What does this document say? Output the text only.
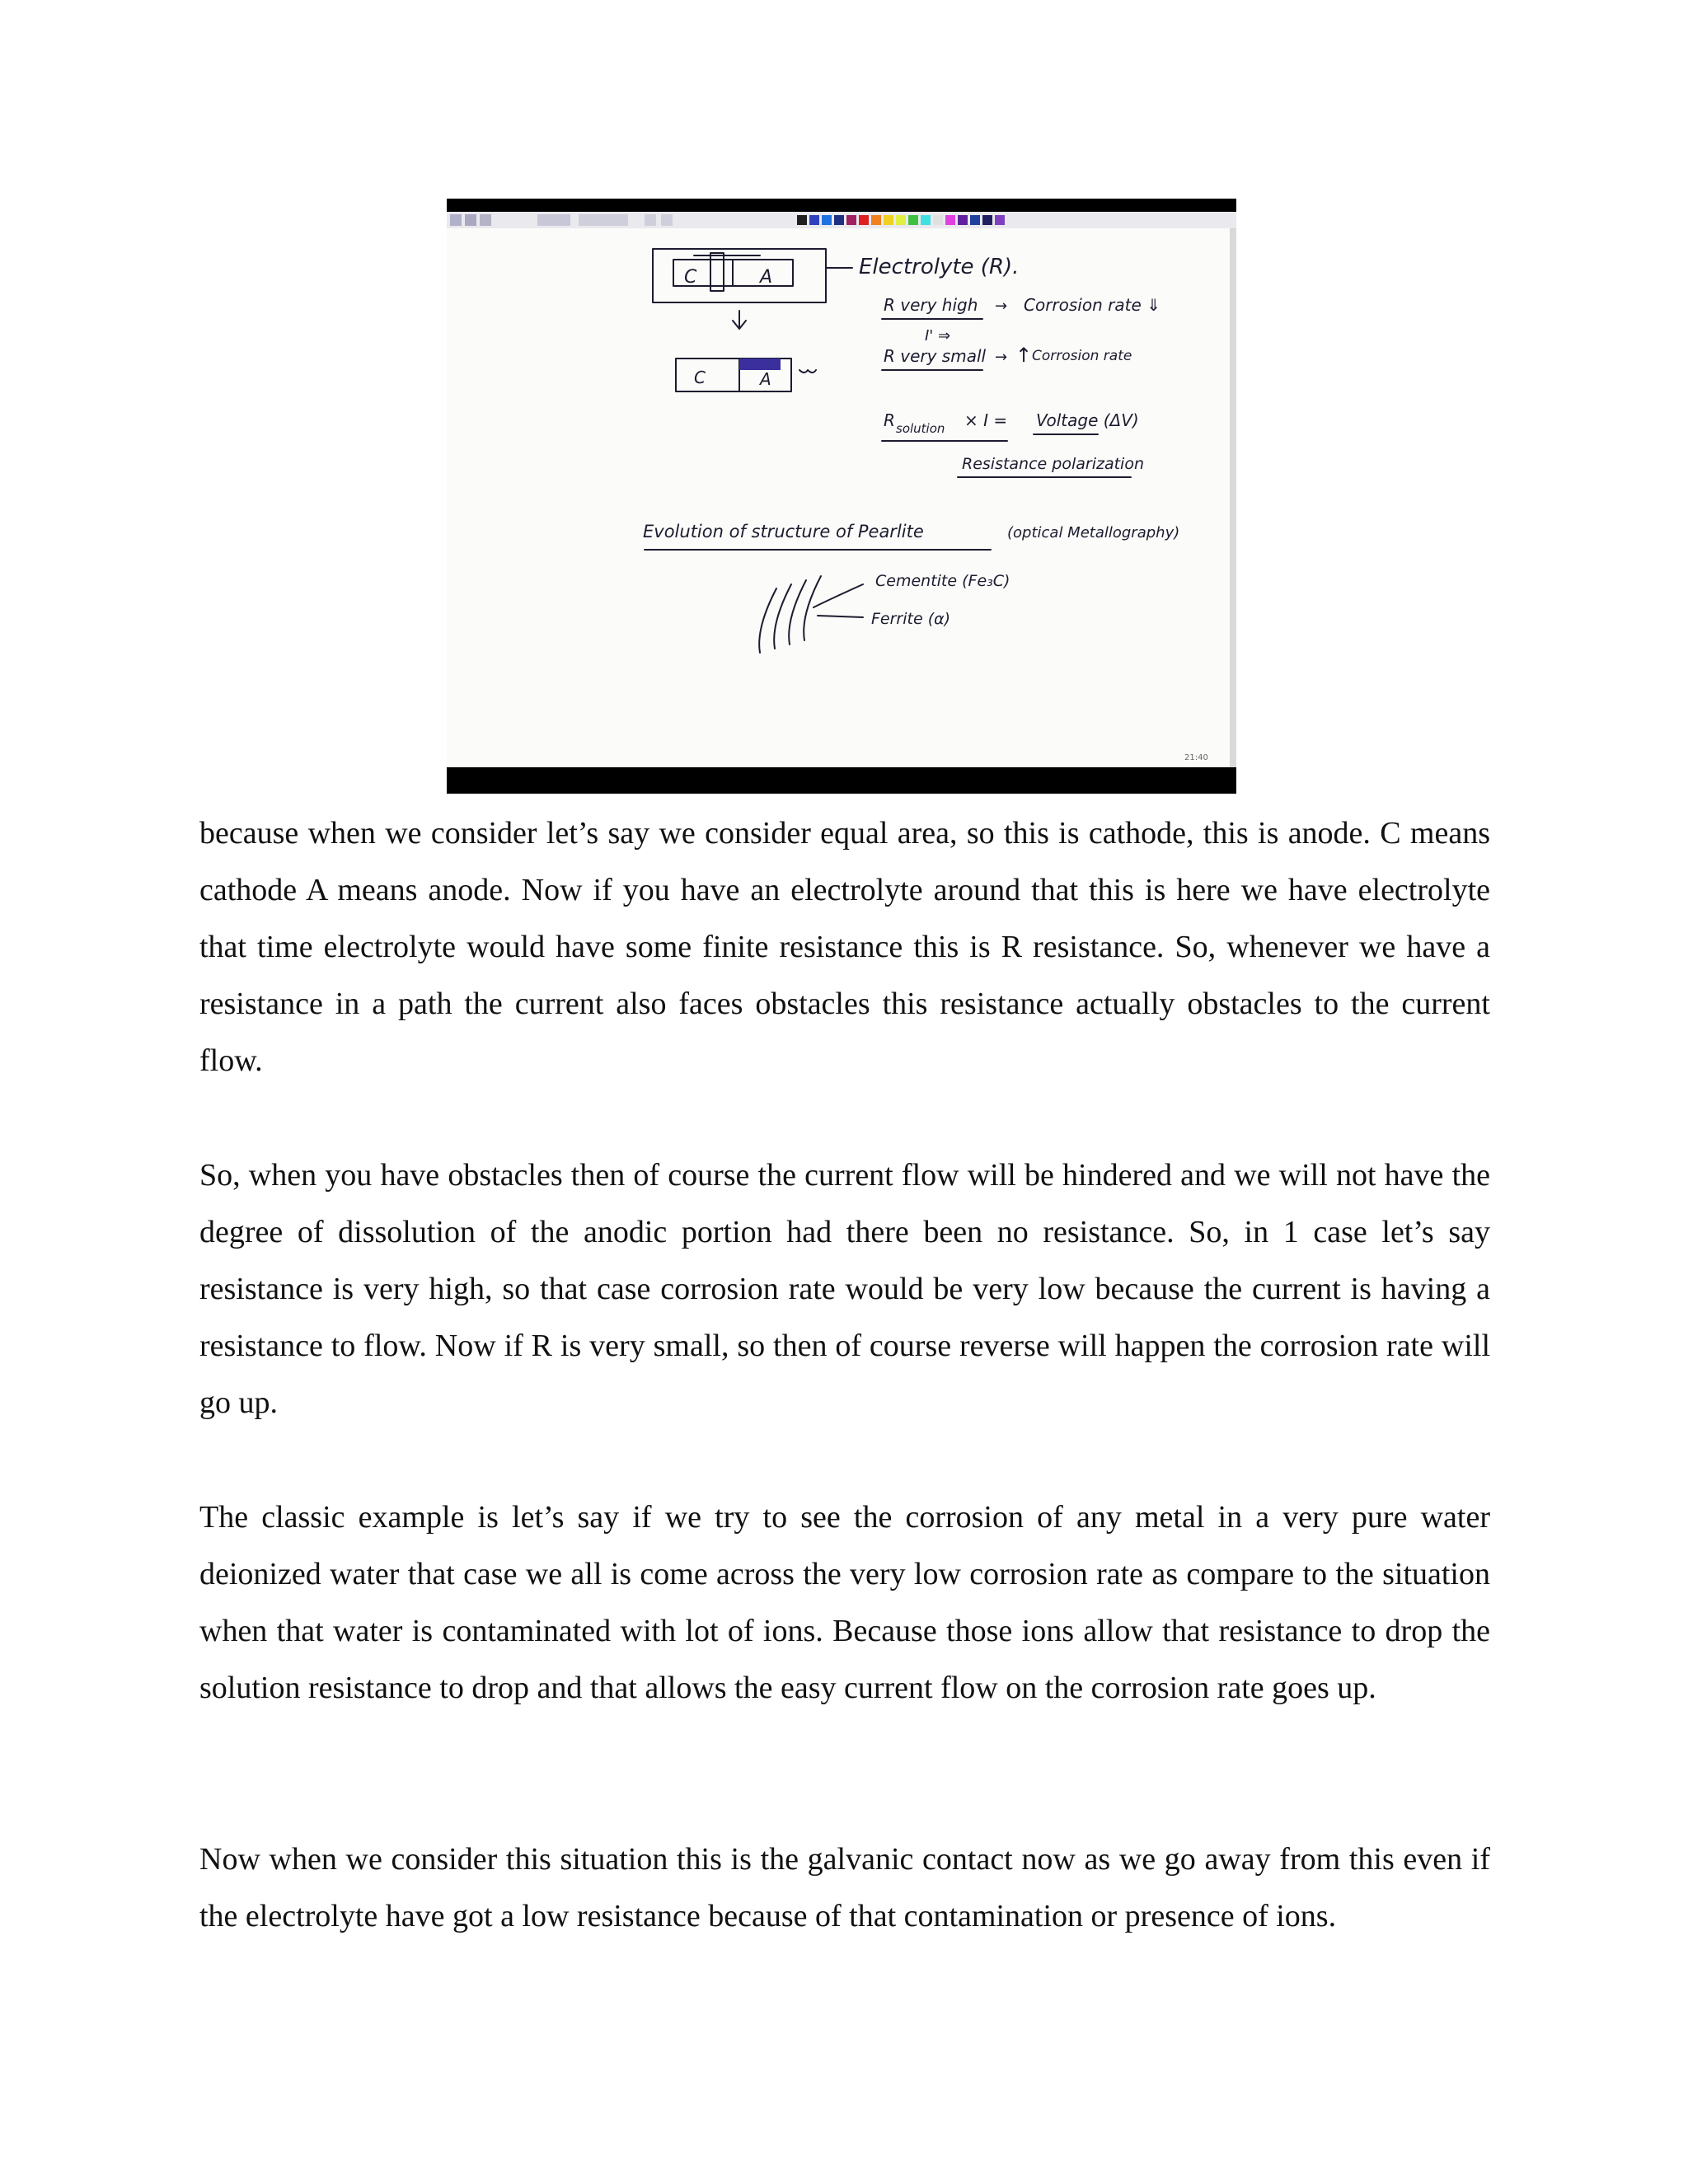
C	A
C	A
Electrolyte (R).
R very high → Corrosion rate ⇓
I' ⇒
R very small → ↑ Corrosion rate
R solution × I = Voltage (ΔV)
Resistance polarization
Evolution of structure of Pearlite	(optical Metallography)
Cementite (Fe₃C)
Ferrite (α)
21:40

because when we consider let’s say we consider equal area, so this is cathode, this is anode. C means cathode A means anode. Now if you have an electrolyte around that this is here we have electrolyte that time electrolyte would have some finite resistance this is R resistance. So, whenever we have a resistance in a path the current also faces obstacles this resistance actually obstacles to the current flow.

So, when you have obstacles then of course the current flow will be hindered and we will not have the degree of dissolution of the anodic portion had there been no resistance. So, in 1 case let’s say resistance is very high, so that case corrosion rate would be very low because the current is having a resistance to flow. Now if R is very small, so then of course reverse will happen the corrosion rate will go up.

The classic example is let’s say if we try to see the corrosion of any metal in a very pure water deionized water that case we all is come across the very low corrosion rate as compare to the situation when that water is contaminated with lot of ions. Because those ions allow that resistance to drop the solution resistance to drop and that allows the easy current flow on the corrosion rate goes up.

Now when we consider this situation this is the galvanic contact now as we go away from this even if the electrolyte have got a low resistance because of that contamination or presence of ions.
